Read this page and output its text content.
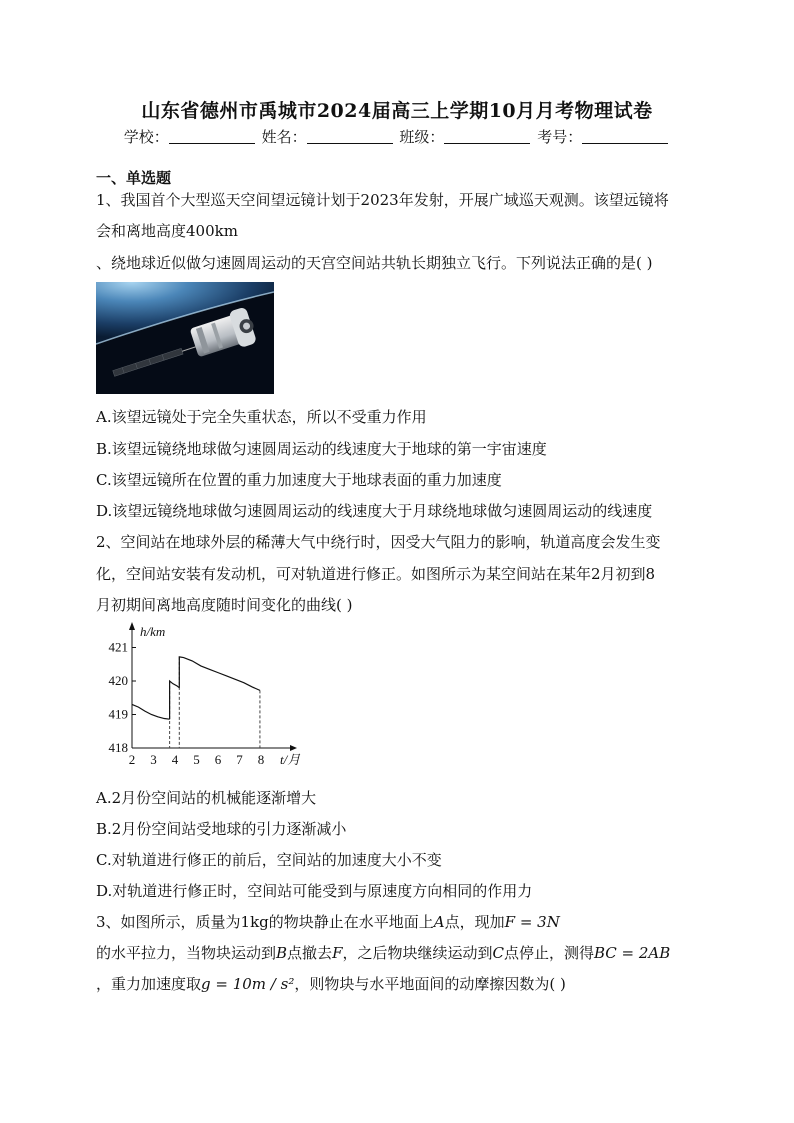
山东省德州市禹城市2024届高三上学期10月月考物理试卷
学校：	姓名：	班级：	考号：
一、单选题
1、我国首个大型巡天空间望远镜计划于2023年发射，开展广域巡天观测。该望远镜将
会和离地高度400km
、绕地球近似做匀速圆周运动的天宫空间站共轨长期独立飞行。下列说法正确的是( )
A.该望远镜处于完全失重状态，所以不受重力作用
B.该望远镜绕地球做匀速圆周运动的线速度大于地球的第一宇宙速度
C.该望远镜所在位置的重力加速度大于地球表面的重力加速度
D.该望远镜绕地球做匀速圆周运动的线速度大于月球绕地球做匀速圆周运动的线速度
2、空间站在地球外层的稀薄大气中绕行时，因受大气阻力的影响，轨道高度会发生变
化，空间站安装有发动机，可对轨道进行修正。如图所示为某空间站在某年2月初到8
月初期间离地高度随时间变化的曲线( )
421
420
419
418
2 3 4 5 6 7 8
h/km
t/月
A.2月份空间站的机械能逐渐增大
B.2月份空间站受地球的引力逐渐减小
C.对轨道进行修正的前后，空间站的加速度大小不变
D.对轨道进行修正时，空间站可能受到与原速度方向相同的作用力
3、如图所示，质量为1kg的物块静止在水平地面上A点，现加F = 3N
的水平拉力，当物块运动到B点撤去F，之后物块继续运动到C点停止，测得BC = 2AB
，重力加速度取g = 10m / s²，则物块与水平地面间的动摩擦因数为( )
